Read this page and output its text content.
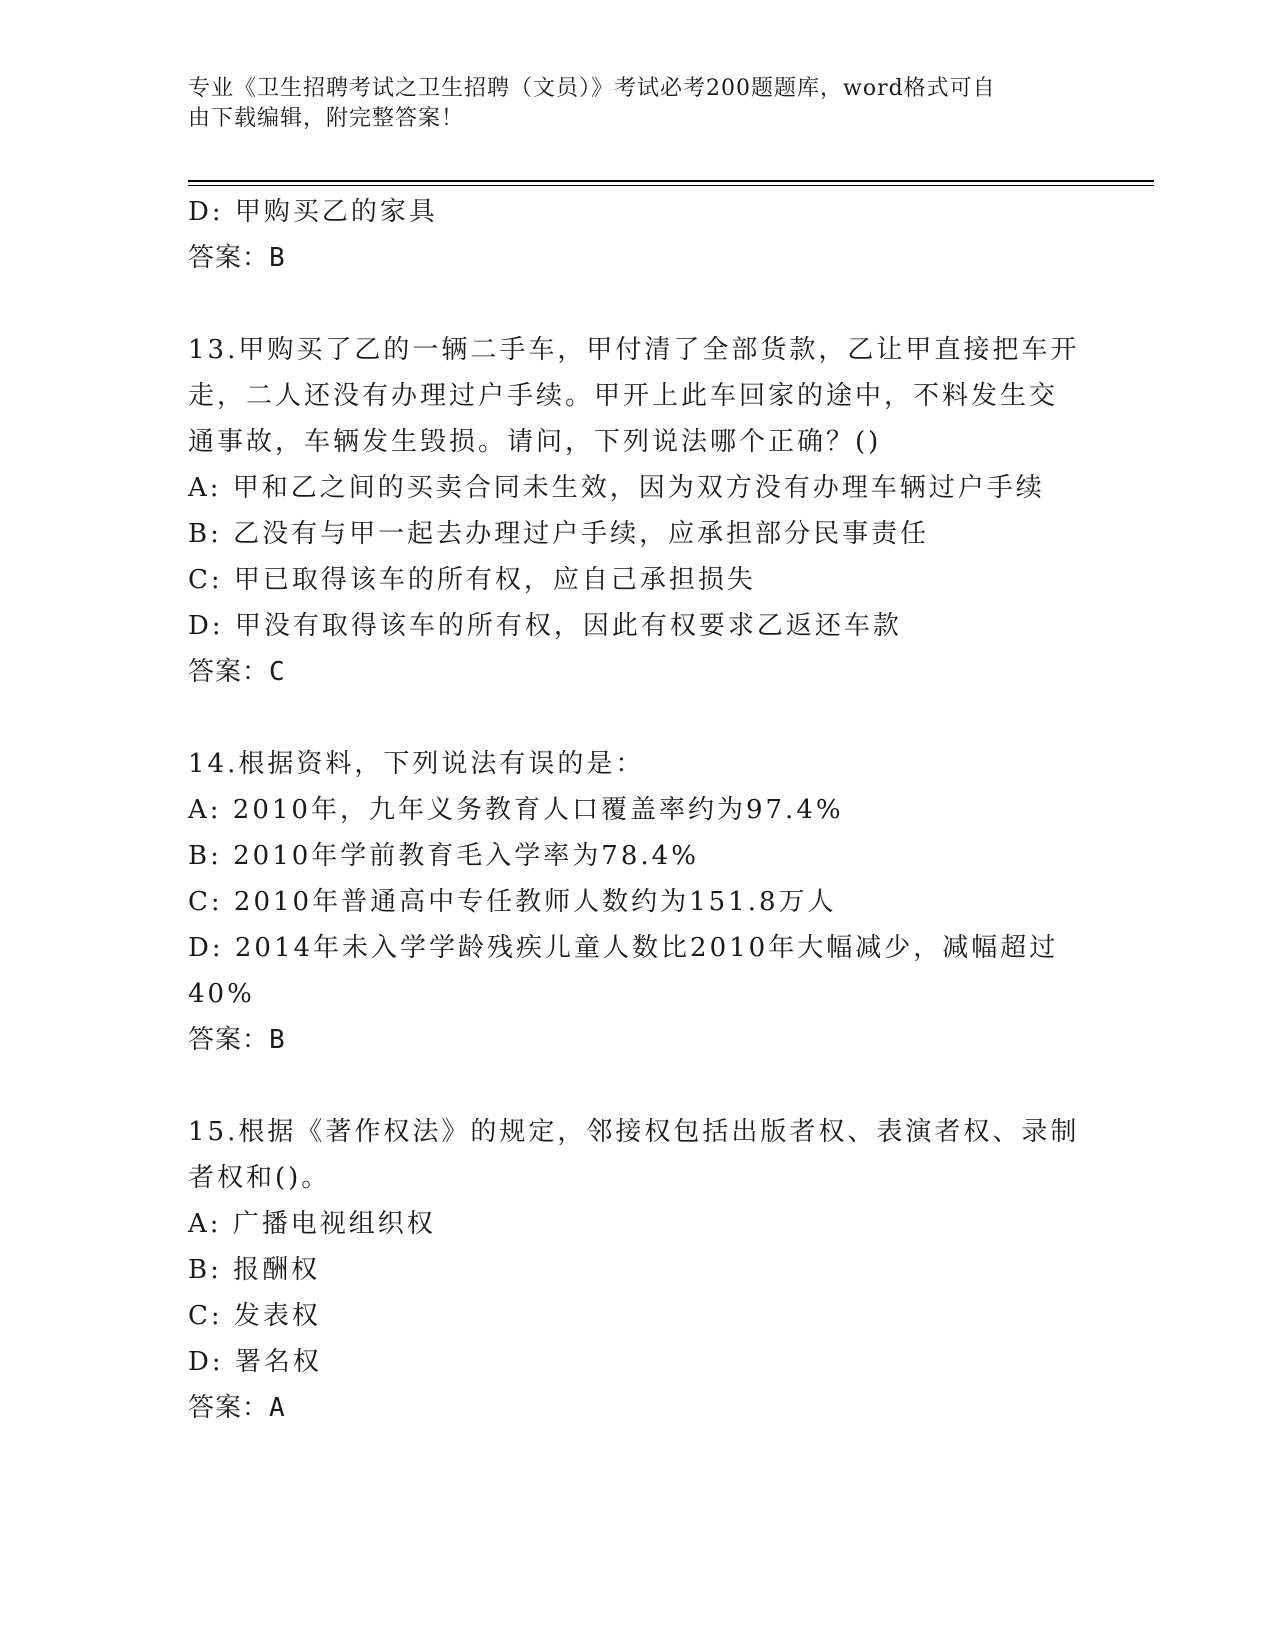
专业《卫生招聘考试之卫生招聘（文员）》考试必考200题题库，word格式可自
由下载编辑，附完整答案！
D: 甲购买乙的家具
答案：B
13.甲购买了乙的一辆二手车，甲付清了全部货款，乙让甲直接把车开
走，二人还没有办理过户手续。甲开上此车回家的途中，不料发生交
通事故，车辆发生毁损。请问，下列说法哪个正确？()
A: 甲和乙之间的买卖合同未生效，因为双方没有办理车辆过户手续
B: 乙没有与甲一起去办理过户手续，应承担部分民事责任
C: 甲已取得该车的所有权，应自己承担损失
D: 甲没有取得该车的所有权，因此有权要求乙返还车款
答案：C
14.根据资料，下列说法有误的是：
A: 2010年，九年义务教育人口覆盖率约为97.4%
B: 2010年学前教育毛入学率为78.4%
C: 2010年普通高中专任教师人数约为151.8万人
D: 2014年未入学学龄残疾儿童人数比2010年大幅减少，减幅超过
40%
答案：B
15.根据《著作权法》的规定，邻接权包括出版者权、表演者权、录制
者权和()。
A: 广播电视组织权
B: 报酬权
C: 发表权
D: 署名权
答案：A
